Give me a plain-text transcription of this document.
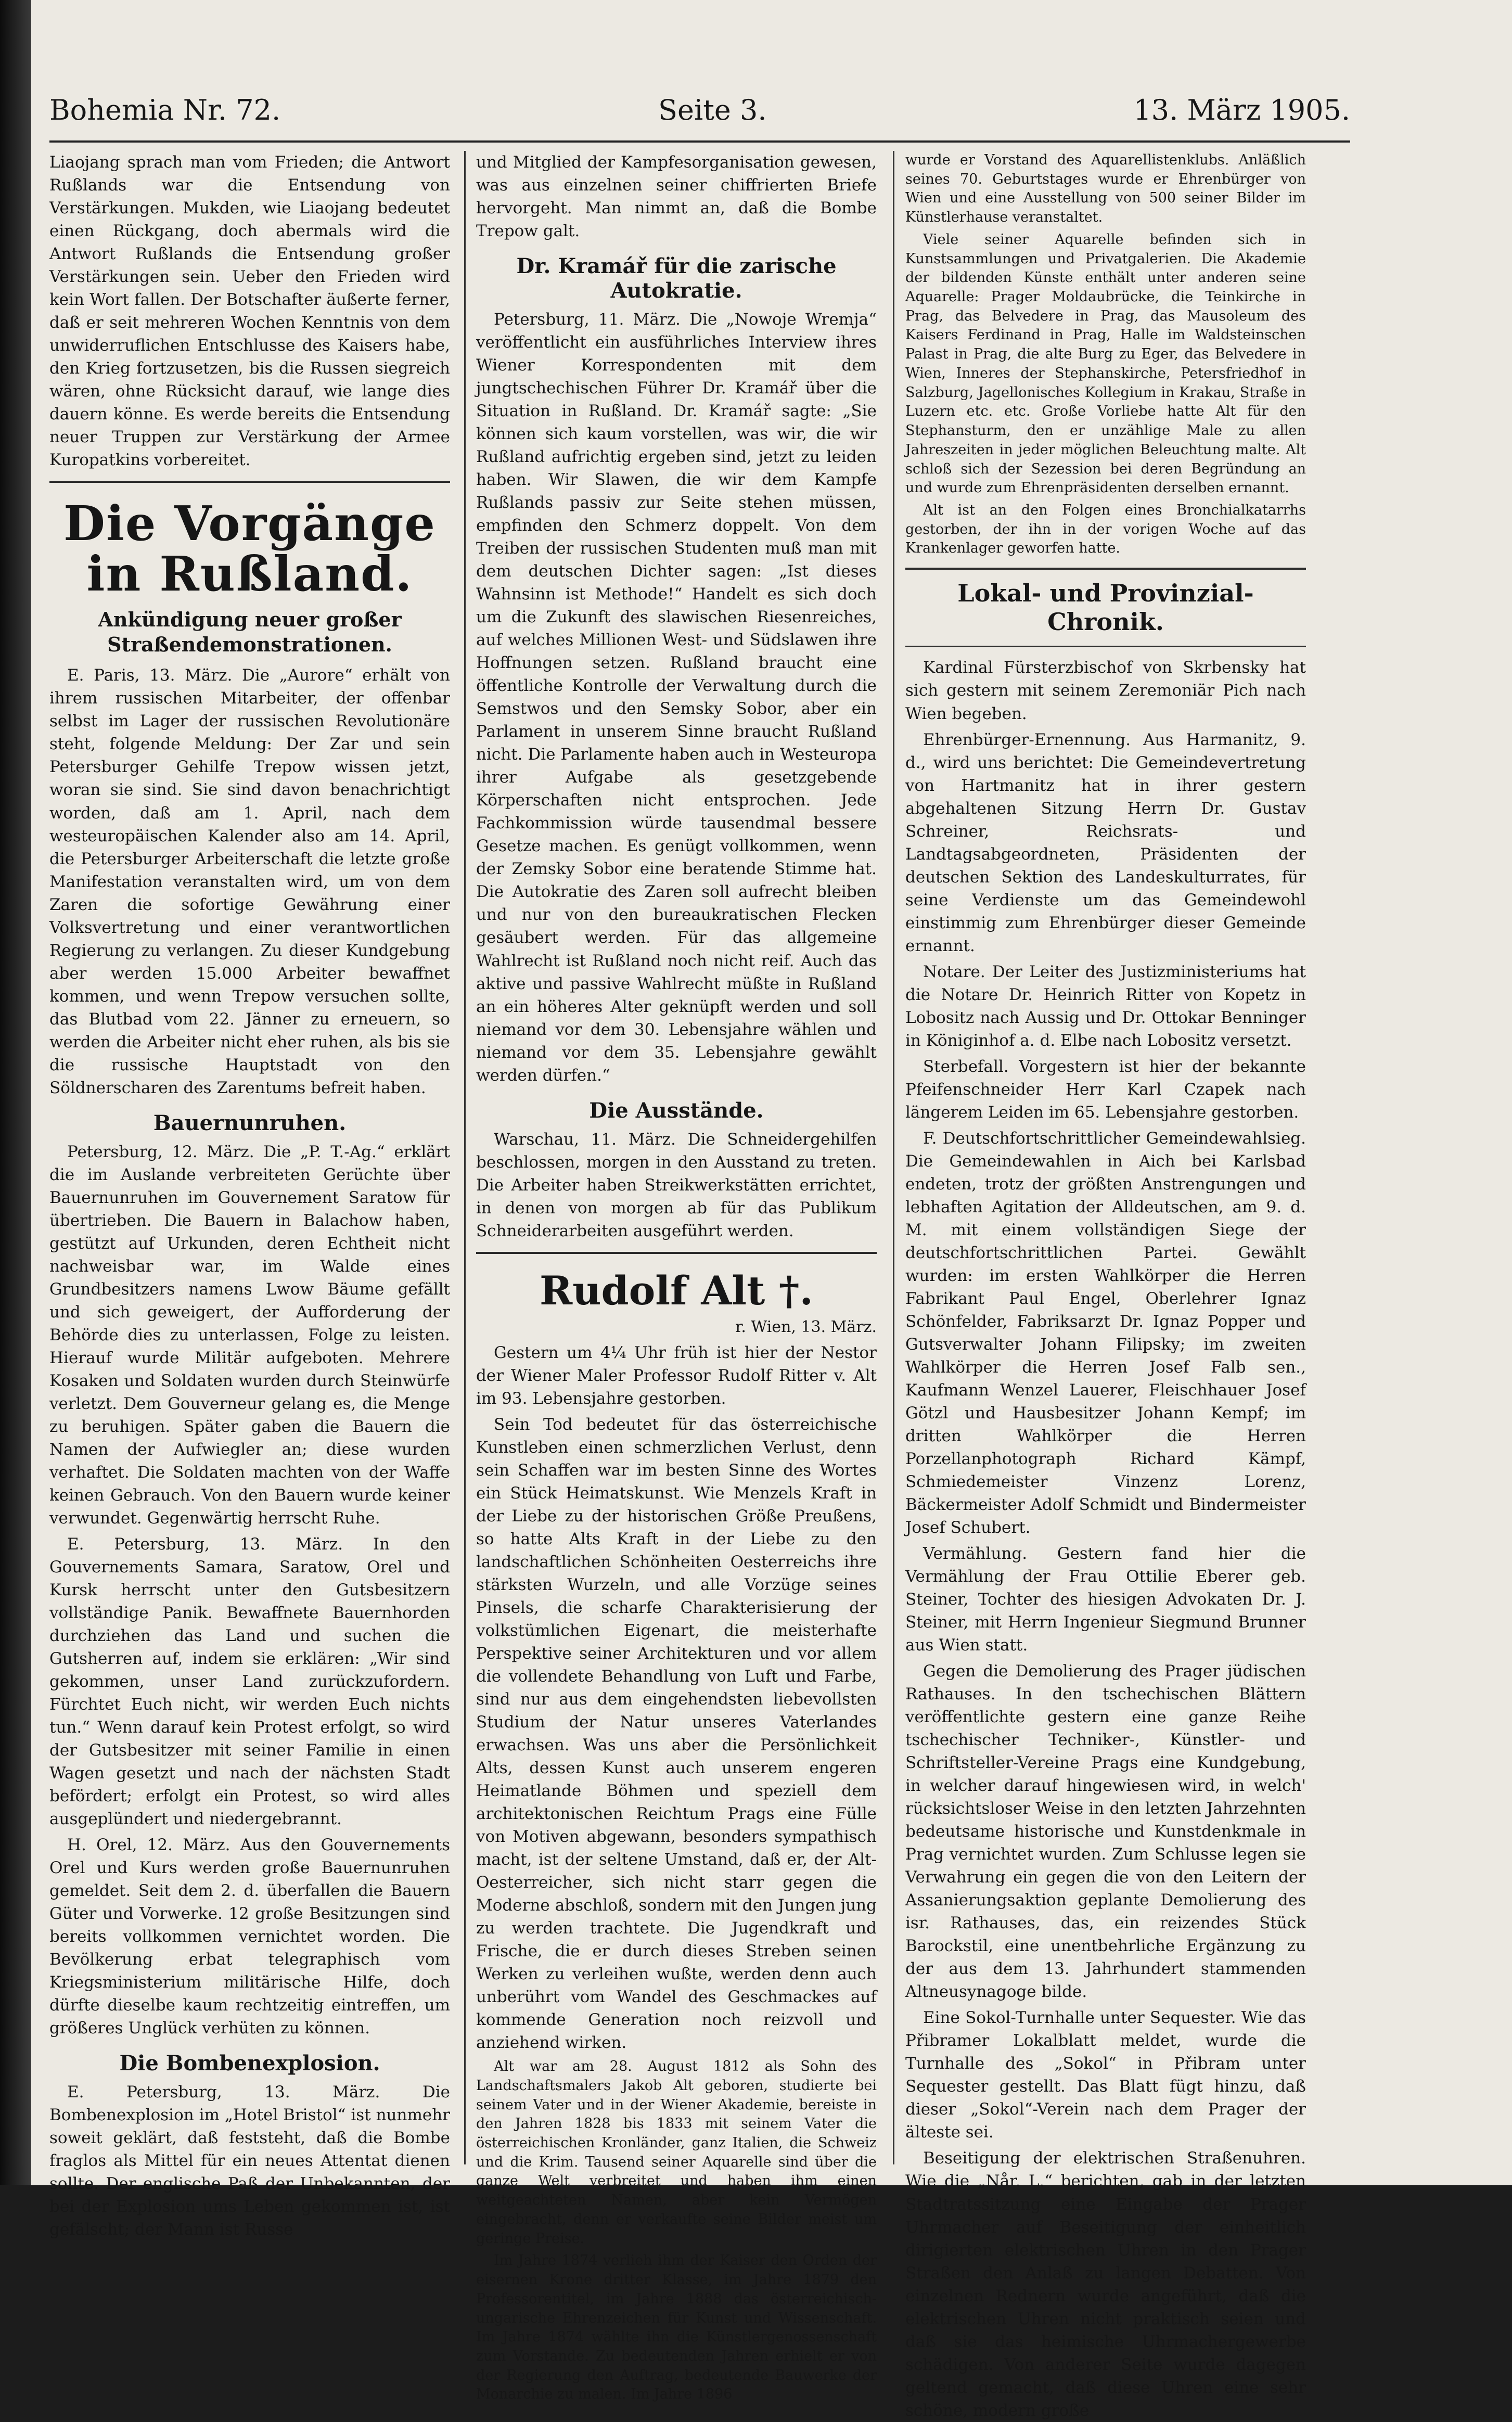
Bohemia Nr. 72.	Seite 3.	13. März 1905.

Liaojang sprach man vom Frieden; die Antwort Rußlands war die Entsendung von Verstärkungen. Mukden, wie Liaojang bedeutet einen Rückgang, doch abermals wird die Antwort Rußlands die Entsendung großer Verstärkungen sein. Ueber den Frieden wird kein Wort fallen. Der Botschafter äußerte ferner, daß er seit mehreren Wochen Kenntnis von dem unwiderruflichen Entschlusse des Kaisers habe, den Krieg fortzusetzen, bis die Russen siegreich wären, ohne Rücksicht darauf, wie lange dies dauern könne. Es werde bereits die Entsendung neuer Truppen zur Verstärkung der Armee Kuropatkins vorbereitet.

Die Vorgänge in Rußland.
Ankündigung neuer großer Straßendemonstrationen.

E. Paris, 13. März. Die „Aurore“ erhält von ihrem russischen Mitarbeiter, der offenbar selbst im Lager der russischen Revolutionäre steht, folgende Meldung: Der Zar und sein Petersburger Gehilfe Trepow wissen jetzt, woran sie sind. Sie sind davon benachrichtigt worden, daß am 1. April, nach dem westeuropäischen Kalender also am 14. April, die Petersburger Arbeiterschaft die letzte große Manifestation veranstalten wird, um von dem Zaren die sofortige Gewährung einer Volksvertretung und einer verantwortlichen Regierung zu verlangen. Zu dieser Kundgebung aber werden 15.000 Arbeiter bewaffnet kommen, und wenn Trepow versuchen sollte, das Blutbad vom 22. Jänner zu erneuern, so werden die Arbeiter nicht eher ruhen, als bis sie die russische Hauptstadt von den Söldnerscharen des Zarentums befreit haben.

Bauernunruhen.

Petersburg, 12. März. Die „P. T.-Ag.“ erklärt die im Auslande verbreiteten Gerüchte über Bauernunruhen im Gouvernement Saratow für übertrieben. Die Bauern in Balachow haben, gestützt auf Urkunden, deren Echtheit nicht nachweisbar war, im Walde eines Grundbesitzers namens Lwow Bäume gefällt und sich geweigert, der Aufforderung der Behörde dies zu unterlassen, Folge zu leisten. Hierauf wurde Militär aufgeboten. Mehrere Kosaken und Soldaten wurden durch Steinwürfe verletzt. Dem Gouverneur gelang es, die Menge zu beruhigen. Später gaben die Bauern die Namen der Aufwiegler an; diese wurden verhaftet. Die Soldaten machten von der Waffe keinen Gebrauch. Von den Bauern wurde keiner verwundet. Gegenwärtig herrscht Ruhe.

E. Petersburg, 13. März. In den Gouvernements Samara, Saratow, Orel und Kursk herrscht unter den Gutsbesitzern vollständige Panik. Bewaffnete Bauernhorden durchziehen das Land und suchen die Gutsherren auf, indem sie erklären: „Wir sind gekommen, unser Land zurückzufordern. Fürchtet Euch nicht, wir werden Euch nichts tun.“ Wenn darauf kein Protest erfolgt, so wird der Gutsbesitzer mit seiner Familie in einen Wagen gesetzt und nach der nächsten Stadt befördert; erfolgt ein Protest, so wird alles ausgeplündert und niedergebrannt.

H. Orel, 12. März. Aus den Gouvernements Orel und Kurs werden große Bauernunruhen gemeldet. Seit dem 2. d. überfallen die Bauern Güter und Vorwerke. 12 große Besitzungen sind bereits vollkommen vernichtet worden. Die Bevölkerung erbat telegraphisch vom Kriegsministerium militärische Hilfe, doch dürfte dieselbe kaum rechtzeitig eintreffen, um größeres Unglück verhüten zu können.

Die Bombenexplosion.

E. Petersburg, 13. März. Die Bombenexplosion im „Hotel Bristol“ ist nunmehr soweit geklärt, daß feststeht, daß die Bombe fraglos als Mittel für ein neues Attentat dienen sollte. Der englische Paß der Unbekannten, der bei der Explosion ums Leben gekommen ist, ist gefälscht; der Mann ist Russe

und Mitglied der Kampfesorganisation gewesen, was aus einzelnen seiner chiffrierten Briefe hervorgeht. Man nimmt an, daß die Bombe Trepow galt.

Dr. Kramář für die zarische Autokratie.

Petersburg, 11. März. Die „Nowoje Wremja“ veröffentlicht ein ausführliches Interview ihres Wiener Korrespondenten mit dem jungtschechischen Führer Dr. Kramář über die Situation in Rußland. Dr. Kramář sagte: „Sie können sich kaum vorstellen, was wir, die wir Rußland aufrichtig ergeben sind, jetzt zu leiden haben. Wir Slawen, die wir dem Kampfe Rußlands passiv zur Seite stehen müssen, empfinden den Schmerz doppelt. Von dem Treiben der russischen Studenten muß man mit dem deutschen Dichter sagen: „Ist dieses Wahnsinn ist Methode!“ Handelt es sich doch um die Zukunft des slawischen Riesenreiches, auf welches Millionen West- und Südslawen ihre Hoffnungen setzen. Rußland braucht eine öffentliche Kontrolle der Verwaltung durch die Semstwos und den Semsky Sobor, aber ein Parlament in unserem Sinne braucht Rußland nicht. Die Parlamente haben auch in Westeuropa ihrer Aufgabe als gesetzgebende Körperschaften nicht entsprochen. Jede Fachkommission würde tausendmal bessere Gesetze machen. Es genügt vollkommen, wenn der Zemsky Sobor eine beratende Stimme hat. Die Autokratie des Zaren soll aufrecht bleiben und nur von den bureaukratischen Flecken gesäubert werden. Für das allgemeine Wahlrecht ist Rußland noch nicht reif. Auch das aktive und passive Wahlrecht müßte in Rußland an ein höheres Alter geknüpft werden und soll niemand vor dem 30. Lebensjahre wählen und niemand vor dem 35. Lebensjahre gewählt werden dürfen.“

Die Ausstände.

Warschau, 11. März. Die Schneidergehilfen beschlossen, morgen in den Ausstand zu treten. Die Arbeiter haben Streikwerkstätten errichtet, in denen von morgen ab für das Publikum Schneiderarbeiten ausgeführt werden.

Rudolf Alt †.
r. Wien, 13. März.

Gestern um 4¼ Uhr früh ist hier der Nestor der Wiener Maler Professor Rudolf Ritter v. Alt im 93. Lebensjahre gestorben.

Sein Tod bedeutet für das österreichische Kunstleben einen schmerzlichen Verlust, denn sein Schaffen war im besten Sinne des Wortes ein Stück Heimatskunst. Wie Menzels Kraft in der Liebe zu der historischen Größe Preußens, so hatte Alts Kraft in der Liebe zu den landschaftlichen Schönheiten Oesterreichs ihre stärksten Wurzeln, und alle Vorzüge seines Pinsels, die scharfe Charakterisierung der volkstümlichen Eigenart, die meisterhafte Perspektive seiner Architekturen und vor allem die vollendete Behandlung von Luft und Farbe, sind nur aus dem eingehendsten liebevollsten Studium der Natur unseres Vaterlandes erwachsen. Was uns aber die Persönlichkeit Alts, dessen Kunst auch unserem engeren Heimatlande Böhmen und speziell dem architektonischen Reichtum Prags eine Fülle von Motiven abgewann, besonders sympathisch macht, ist der seltene Umstand, daß er, der Alt-Oesterreicher, sich nicht starr gegen die Moderne abschloß, sondern mit den Jungen jung zu werden trachtete. Die Jugendkraft und Frische, die er durch dieses Streben seinen Werken zu verleihen wußte, werden denn auch unberührt vom Wandel des Geschmackes auf kommende Generation noch reizvoll und anziehend wirken.

Alt war am 28. August 1812 als Sohn des Landschaftsmalers Jakob Alt geboren, studierte bei seinem Vater und in der Wiener Akademie, bereiste in den Jahren 1828 bis 1833 mit seinem Vater die österreichischen Kronländer, ganz Italien, die Schweiz und die Krim. Tausend seiner Aquarelle sind über die ganze Welt verbreitet und haben ihm einen weitgeachteten Namen, aber kein Vermögen eingebracht, denn er verkaufte seine Bilder meist um geringe Preise.

Im Jahre 1874 verlieh ihm der Kaiser den Orden der eisernen Krone dritter Klasse, im Jahre 1879 den Professorentitel, im Jahre 1888 das österreichisch-ungarische Ehrenzeichen für Kunst und Wissenschaft. Im Jahre 1874 wählte ihn die Künstlergenossenschaft zum Vorstande. Zu bedeutenden Jahren erhielt er von der Regierung den Auftrag, bedeutende Bauwerke der Monarchie zu malen. Im Jahre 1896

wurde er Vorstand des Aquarellistenklubs. Anläßlich seines 70. Geburtstages wurde er Ehrenbürger von Wien und eine Ausstellung von 500 seiner Bilder im Künstlerhause veranstaltet.

Viele seiner Aquarelle befinden sich in Kunstsammlungen und Privatgalerien. Die Akademie der bildenden Künste enthält unter anderen seine Aquarelle: Prager Moldaubrücke, die Teinkirche in Prag, das Belvedere in Prag, das Mausoleum des Kaisers Ferdinand in Prag, Halle im Waldsteinschen Palast in Prag, die alte Burg zu Eger, das Belvedere in Wien, Inneres der Stephanskirche, Petersfriedhof in Salzburg, Jagellonisches Kollegium in Krakau, Straße in Luzern etc. etc. Große Vorliebe hatte Alt für den Stephansturm, den er unzählige Male zu allen Jahreszeiten in jeder möglichen Beleuchtung malte. Alt schloß sich der Sezession bei deren Begründung an und wurde zum Ehrenpräsidenten derselben ernannt.

Alt ist an den Folgen eines Bronchialkatarrhs gestorben, der ihn in der vorigen Woche auf das Krankenlager geworfen hatte.

Lokal- und Provinzial-Chronik.

Kardinal Fürsterzbischof von Skrbensky hat sich gestern mit seinem Zeremoniär Pich nach Wien begeben.

Ehrenbürger-Ernennung. Aus Harmanitz, 9. d., wird uns berichtet: Die Gemeindevertretung von Hartmanitz hat in ihrer gestern abgehaltenen Sitzung Herrn Dr. Gustav Schreiner, Reichsrats- und Landtagsabgeordneten, Präsidenten der deutschen Sektion des Landeskulturrates, für seine Verdienste um das Gemeindewohl einstimmig zum Ehrenbürger dieser Gemeinde ernannt.

Notare. Der Leiter des Justizministeriums hat die Notare Dr. Heinrich Ritter von Kopetz in Lobositz nach Aussig und Dr. Ottokar Benninger in Königinhof a. d. Elbe nach Lobositz versetzt.

Sterbefall. Vorgestern ist hier der bekannte Pfeifenschneider Herr Karl Czapek nach längerem Leiden im 65. Lebensjahre gestorben.

F. Deutschfortschrittlicher Gemeindewahlsieg. Die Gemeindewahlen in Aich bei Karlsbad endeten, trotz der größten Anstrengungen und lebhaften Agitation der Alldeutschen, am 9. d. M. mit einem vollständigen Siege der deutschfortschrittlichen Partei. Gewählt wurden: im ersten Wahlkörper die Herren Fabrikant Paul Engel, Oberlehrer Ignaz Schönfelder, Fabriksarzt Dr. Ignaz Popper und Gutsverwalter Johann Filipsky; im zweiten Wahlkörper die Herren Josef Falb sen., Kaufmann Wenzel Lauerer, Fleischhauer Josef Götzl und Hausbesitzer Johann Kempf; im dritten Wahlkörper die Herren Porzellanphotograph Richard Kämpf, Schmiedemeister Vinzenz Lorenz, Bäckermeister Adolf Schmidt und Bindermeister Josef Schubert.

Vermählung. Gestern fand hier die Vermählung der Frau Ottilie Eberer geb. Steiner, Tochter des hiesigen Advokaten Dr. J. Steiner, mit Herrn Ingenieur Siegmund Brunner aus Wien statt.

Gegen die Demolierung des Prager jüdischen Rathauses. In den tschechischen Blättern veröffentlichte gestern eine ganze Reihe tschechischer Techniker-, Künstler- und Schriftsteller-Vereine Prags eine Kundgebung, in welcher darauf hingewiesen wird, in welch' rücksichtsloser Weise in den letzten Jahrzehnten bedeutsame historische und Kunstdenkmale in Prag vernichtet wurden. Zum Schlusse legen sie Verwahrung ein gegen die von den Leitern der Assanierungsaktion geplante Demolierung des isr. Rathauses, das, ein reizendes Stück Barockstil, eine unentbehrliche Ergänzung zu der aus dem 13. Jahrhundert stammenden Altneusynagoge bilde.

Eine Sokol-Turnhalle unter Sequester. Wie das Přibramer Lokalblatt meldet, wurde die Turnhalle des „Sokol“ in Přibram unter Sequester gestellt. Das Blatt fügt hinzu, daß dieser „Sokol“-Verein nach dem Prager der älteste sei.

Beseitigung der elektrischen Straßenuhren. Wie die „Når. L.“ berichten, gab in der letzten Stadtratssitzung eine Eingabe der Prager Uhrmacher auf Beseitigung der einheitlich dirigierten elektrischen Uhren in den Prager Straßen den Anlaß zu langen Debatten. Von einzelnen Rednern wurde angeführt, daß die elektrischen Uhren nicht praktisch seien und daß sie das heimische Uhrmachergewerbe schädigen. Von anderer Seite wurde dagegen geltend gemacht, daß diese Uhren eine sehr schöne, modern große
